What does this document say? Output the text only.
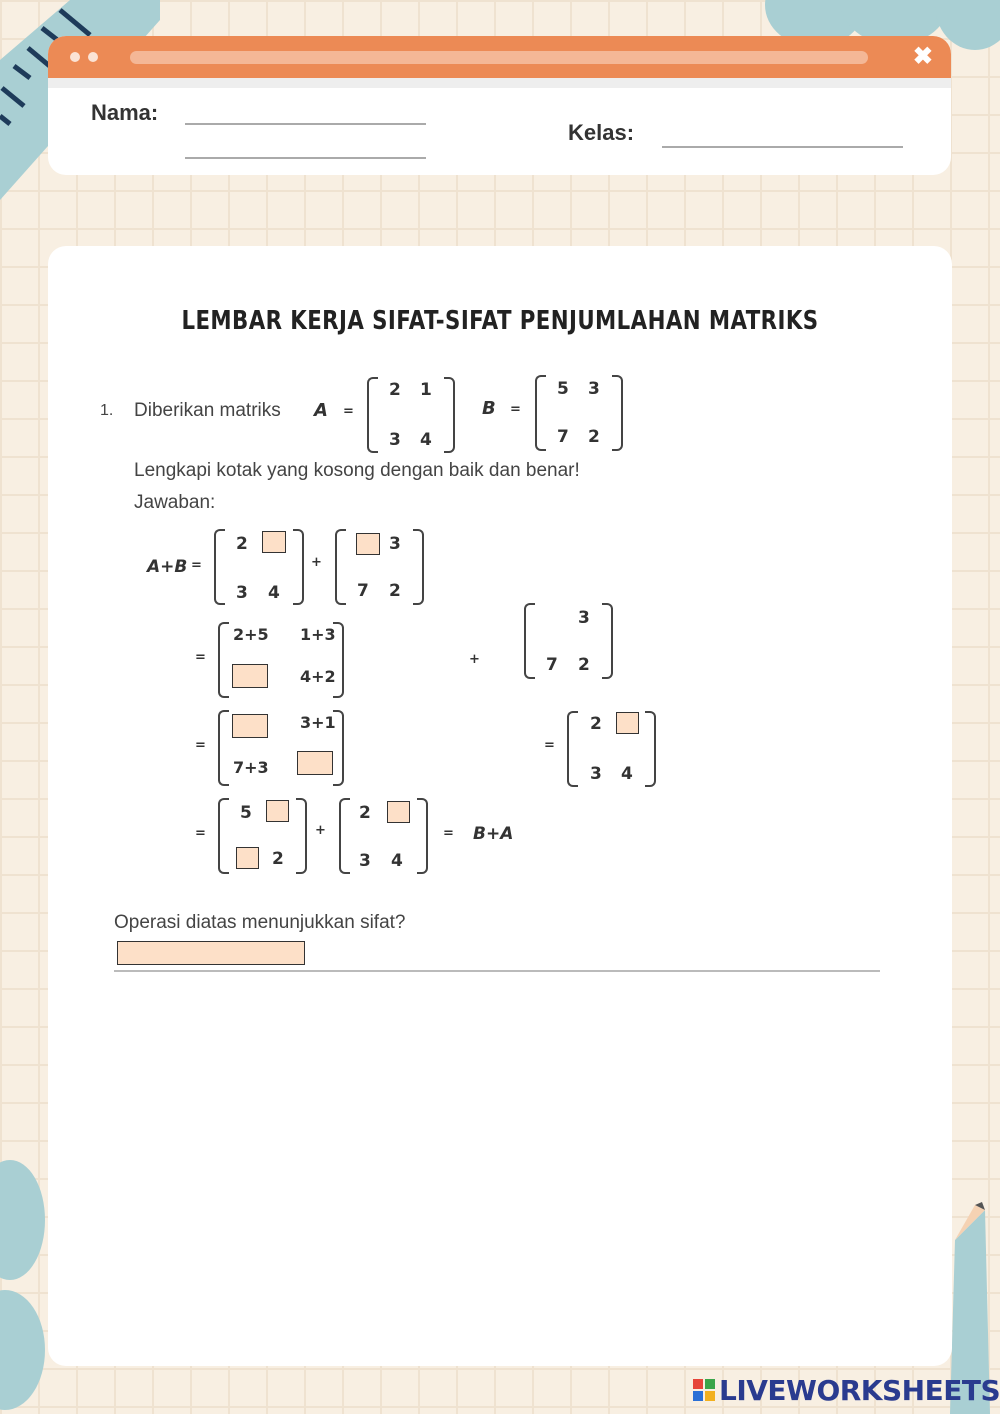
✖
Nama:
Kelas:
LEMBAR KERJA SIFAT-SIFAT PENJUMLAHAN MATRIKS
1. Diberikan matriks A =
2 1
3 4
B =
5 3
7 2
Lengkapi kotak yang kosong dengan baik dan benar!
Jawaban:
A+B =
2
3 4
+
3
7 2
=
2+5 1+3
4+2
+
3
7 2
=
3+1
7+3
=
2
3 4
=
5
2
+
2
3 4
= B+A
Operasi diatas menunjukkan sifat?
LIVEWORKSHEETS
